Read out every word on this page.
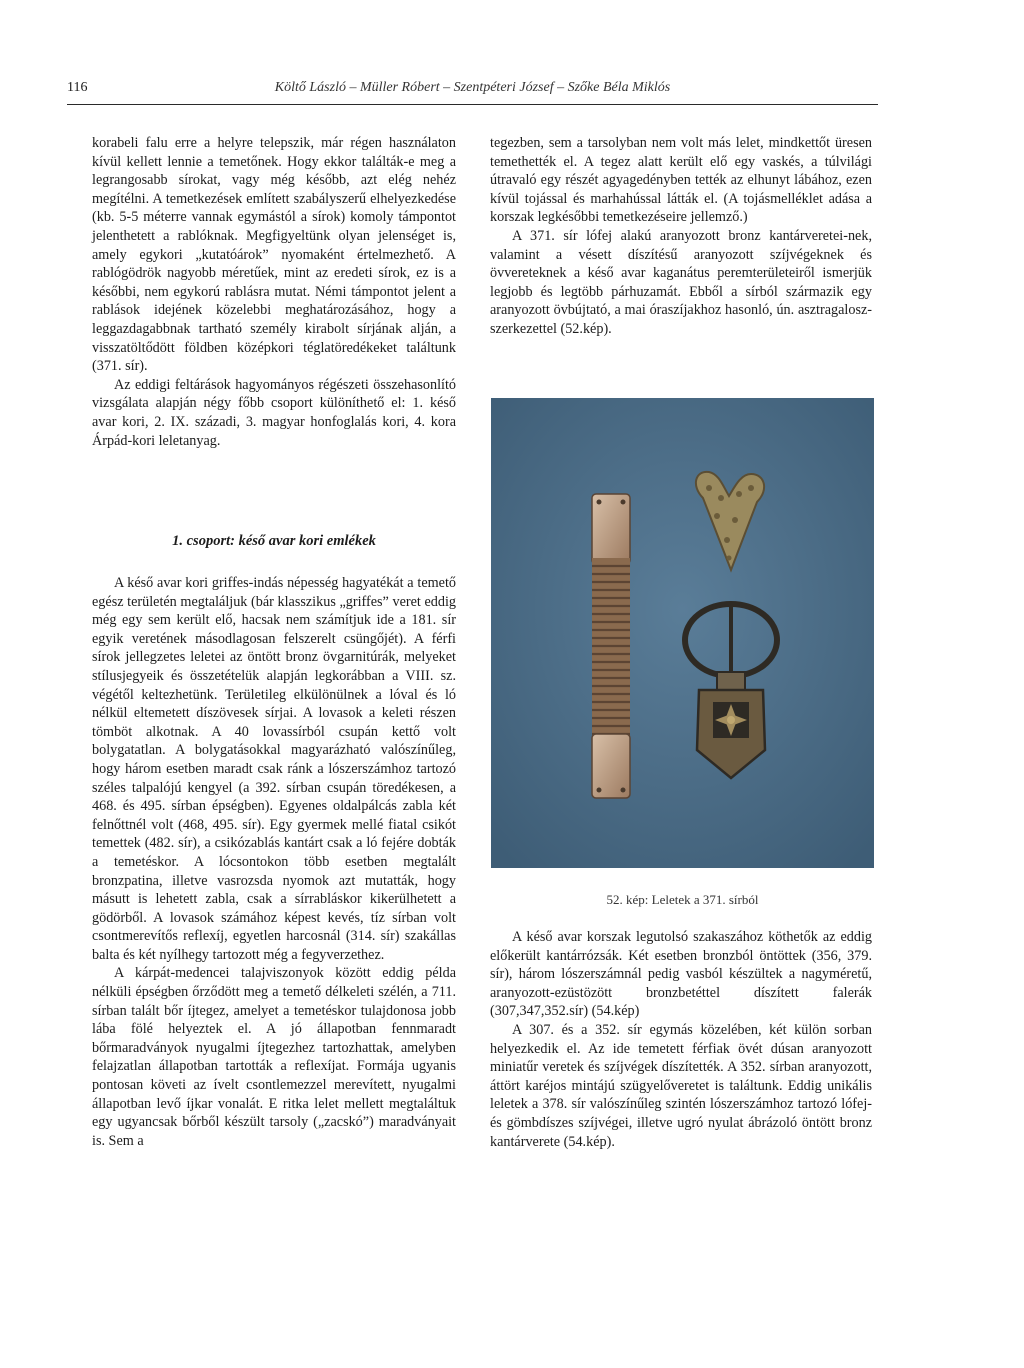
116	Költő László – Müller Róbert – Szentpéteri József – Szőke Béla Miklós

korabeli falu erre a helyre telepszik, már régen használaton kívül kellett lennie a temetőnek. Hogy ekkor találták-e meg a legrangosabb sírokat, vagy még később, azt elég nehéz megítélni. A temetkezések említett szabályszerű elhelyezkedése (kb. 5-5 méterre vannak egymástól a sírok) komoly támpontot jelenthetett a rablóknak. Megfigyeltünk olyan jelenséget is, amely egykori „kutatóárok” nyomaként értelmezhető. A rablógödrök nagyobb méretűek, mint az eredeti sírok, ez is a későbbi, nem egykorú rablásra mutat. Némi támpontot jelent a rablások idejének közelebbi meghatározásához, hogy a leggazdagabbnak tartható személy kirabolt sírjának alján, a visszatöltődött földben középkori téglatöredékeket találtunk (371. sír).

Az eddigi feltárások hagyományos régészeti összehasonlító vizsgálata alapján négy főbb csoport különíthető el: 1. késő avar kori, 2. IX. századi, 3. magyar honfoglalás kori, 4. kora Árpád-kori leletanyag.

1. csoport: késő avar kori emlékek

A késő avar kori griffes-indás népesség hagyatékát a temető egész területén megtaláljuk (bár klasszikus „griffes” veret eddig még egy sem került elő, hacsak nem számítjuk ide a 181. sír egyik veretének másodlagosan felszerelt csüngőjét). A férfi sírok jellegzetes leletei az öntött bronz övgarnitúrák, melyeket stílusjegyeik és összetételük alapján legkorábban a VIII. sz. végétől keltezhetünk. Területileg elkülönülnek a lóval és ló nélkül eltemetett díszövesek sírjai. A lovasok a keleti részen tömböt alkotnak. A 40 lovassírból csupán kettő volt bolygatatlan. A bolygatásokkal magyarázható valószínűleg, hogy három esetben maradt csak ránk a lószerszámhoz tartozó széles talpalójú kengyel (a 392. sírban csupán töredékesen, a 468. és 495. sírban épségben). Egyenes oldalpálcás zabla két felnőttnél volt (468, 495. sír). Egy gyermek mellé fiatal csikót temettek (482. sír), a csikózablás kantárt csak a ló fejére dobták a temetéskor. A lócsontokon több esetben megtalált bronzpatina, illetve vasrozsda nyomok azt mutatták, hogy másutt is lehetett zabla, csak a sírrabláskor kikerülhetett a gödörből. A lovasok számához képest kevés, tíz sírban volt csontmerevítős reflexíj, egyetlen harcosnál (314. sír) szakállas balta és két nyílhegy tartozott még a fegyverzethez.

A kárpát-medencei talajviszonyok között eddig példa nélküli épségben őrződött meg a temető délkeleti szélén, a 711. sírban talált bőr íjtegez, amelyet a temetéskor tulajdonosa jobb lába fölé helyeztek el. A jó állapotban fennmaradt bőrmaradványok nyugalmi íjtegezhez tartozhattak, amelyben felajzatlan állapotban tartották a reflexíjat. Formája ugyanis pontosan követi az ívelt csontlemezzel merevített, nyugalmi állapotban levő íjkar vonalát. E ritka lelet mellett megtaláltuk egy ugyancsak bőrből készült tarsoly („zacskó”) maradványait is. Sem a

tegezben, sem a tarsolyban nem volt más lelet, mindkettőt üresen temethették el. A tegez alatt került elő egy vaskés, a túlvilági útravaló egy részét agyagedényben tették az elhunyt lábához, ezen kívül tojással és marhahússal látták el. (A tojásmelléklet adása a korszak legkésőbbi temetkezéseire jellemző.)

A 371. sír lófej alakú aranyozott bronz kantárveretei-nek, valamint a vésett díszítésű aranyozott szíjvégeknek és övvereteknek a késő avar kaganátus peremterületeiről ismerjük legjobb és legtöbb párhuzamát. Ebből a sírból származik egy aranyozott övbújtató, a mai óraszíjakhoz hasonló, ún. asztragalosz-szerkezettel (52.kép).

52. kép: Leletek a 371. sírból

A késő avar korszak legutolsó szakaszához köthetők az eddig előkerült kantárrózsák. Két esetben bronzból öntöttek (356, 379. sír), három lószerszámnál pedig vasból készültek a nagyméretű, aranyozott-ezüstözött bronzbetéttel díszített falerák (307,347,352.sír) (54.kép)

A 307. és a 352. sír egymás közelében, két külön sorban helyezkedik el. Az ide temetett férfiak övét dúsan aranyozott miniatűr veretek és szíjvégek díszítették. A 352. sírban aranyozott, áttört karéjos mintájú szügyelőveretet is találtunk. Eddig unikális leletek a 378. sír valószínűleg szintén lószerszámhoz tartozó lófej- és gömbdíszes szíjvégei, illetve ugró nyulat ábrázoló öntött bronz kantárverete (54.kép).
